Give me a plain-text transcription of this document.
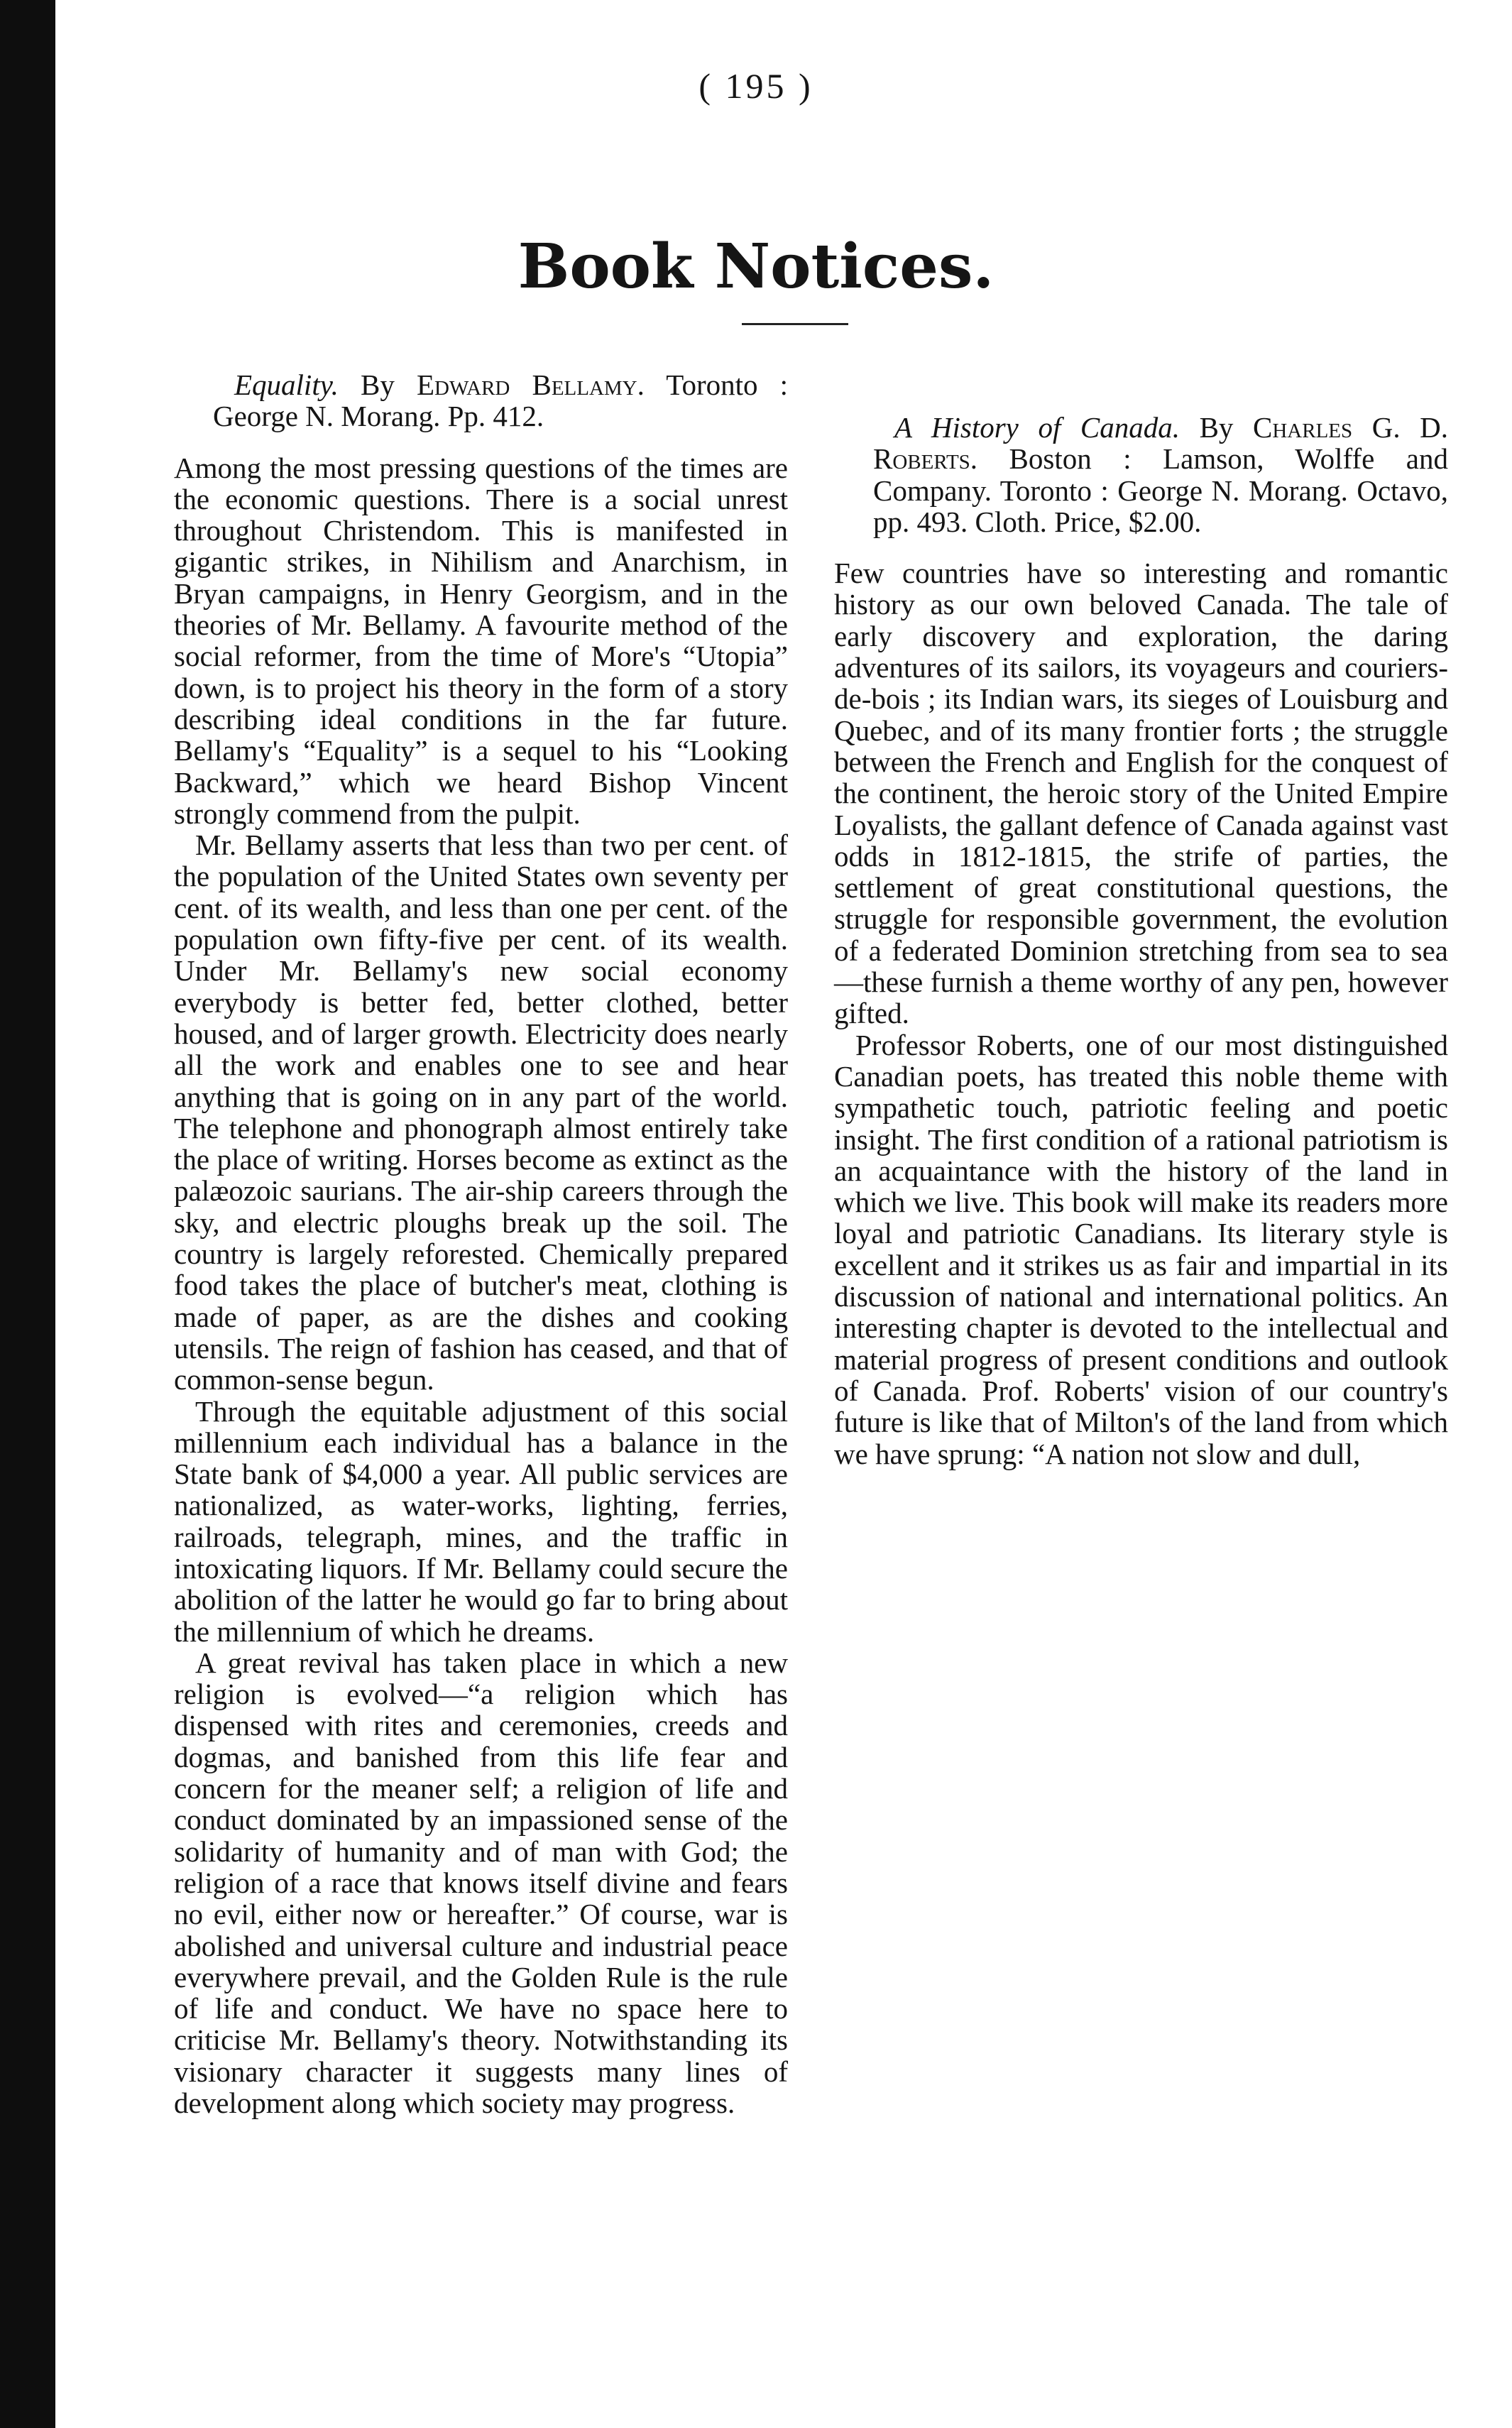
( 195 )
Book Notices.

Equality. By Edward Bellamy. Toronto : George N. Morang. Pp. 412.

Among the most pressing questions of the times are the economic questions. There is a social unrest throughout Christendom. This is manifested in gigantic strikes, in Nihilism and Anarchism, in Bryan campaigns, in Henry Georgism, and in the theories of Mr. Bellamy. A favourite method of the social reformer, from the time of More's “Utopia” down, is to project his theory in the form of a story describing ideal conditions in the far future. Bellamy's “Equality” is a sequel to his “Looking Backward,” which we heard Bishop Vincent strongly commend from the pulpit.

Mr. Bellamy asserts that less than two per cent. of the population of the United States own seventy per cent. of its wealth, and less than one per cent. of the population own fifty-five per cent. of its wealth. Under Mr. Bellamy's new social economy everybody is better fed, better clothed, better housed, and of larger growth. Electricity does nearly all the work and enables one to see and hear anything that is going on in any part of the world. The telephone and phonograph almost entirely take the place of writing. Horses become as extinct as the palæozoic saurians. The air-ship careers through the sky, and electric ploughs break up the soil. The country is largely reforested. Chemically prepared food takes the place of butcher's meat, clothing is made of paper, as are the dishes and cooking utensils. The reign of fashion has ceased, and that of common-sense begun.

Through the equitable adjustment of this social millennium each individual has a balance in the State bank of $4,000 a year. All public services are nationalized, as water-works, lighting, ferries, railroads, telegraph, mines, and the traffic in intoxicating liquors. If Mr. Bellamy could secure the abolition of the latter he would go far to bring about the millennium of which he dreams.

A great revival has taken place in which a new religion is evolved—“a religion which has dispensed with rites and ceremonies, creeds and dogmas, and banished from this life fear and concern for the meaner self; a religion of life and conduct dominated by an impassioned sense of the solidarity of humanity and of man with God; the religion of a race that knows itself divine and fears no evil, either now or hereafter.” Of course, war is abolished and universal culture and industrial peace everywhere prevail, and the Golden Rule is the rule of life and conduct. We have no space here to criticise Mr. Bellamy's theory. Notwithstanding its visionary character it suggests many lines of development along which society may progress.

A History of Canada. By Charles G. D. Roberts. Boston : Lamson, Wolffe and Company. Toronto : George N. Morang. Octavo, pp. 493. Cloth. Price, $2.00.

Few countries have so interesting and romantic history as our own beloved Canada. The tale of early discovery and exploration, the daring adventures of its sailors, its voyageurs and couriers-de-bois ; its Indian wars, its sieges of Louisburg and Quebec, and of its many frontier forts ; the struggle between the French and English for the conquest of the continent, the heroic story of the United Empire Loyalists, the gallant defence of Canada against vast odds in 1812-1815, the strife of parties, the settlement of great constitutional questions, the struggle for responsible government, the evolution of a federated Dominion stretching from sea to sea—these furnish a theme worthy of any pen, however gifted.

Professor Roberts, one of our most distinguished Canadian poets, has treated this noble theme with sympathetic touch, patriotic feeling and poetic insight. The first condition of a rational patriotism is an acquaintance with the history of the land in which we live. This book will make its readers more loyal and patriotic Canadians. Its literary style is excellent and it strikes us as fair and impartial in its discussion of national and international politics. An interesting chapter is devoted to the intellectual and material progress of present conditions and outlook of Canada. Prof. Roberts' vision of our country's future is like that of Milton's of the land from which we have sprung: “A nation not slow and dull,
